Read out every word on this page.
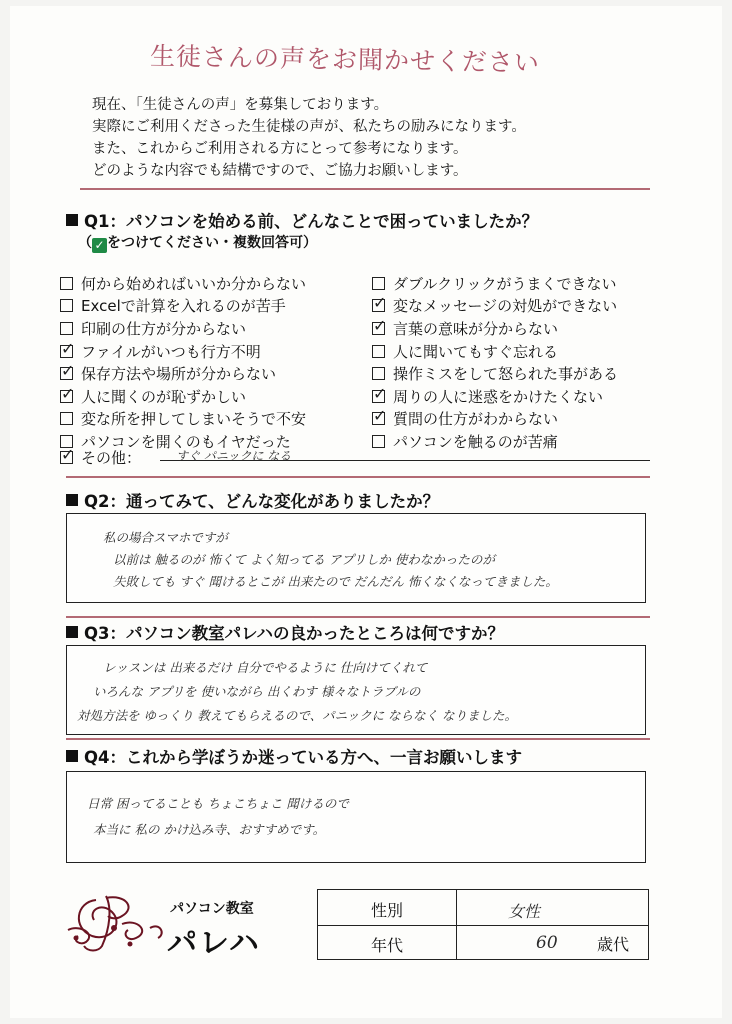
生徒さんの声をお聞かせください
現在、「生徒さんの声」を募集しております。
実際にご利用くださった生徒様の声が、私たちの励みになります。
また、これからご利用される方にとって参考になります。
どのような内容でも結構ですので、ご協力お願いします。
Q1：パソコンを始める前、どんなことで困っていましたか？
（ ✓ をつけてください・複数回答可）
何から始めればいいか分からない
Excelで計算を入れるのが苦手
印刷の仕方が分からない
✓
ファイルがいつも行方不明
✓
保存方法や場所が分からない
✓
人に聞くのが恥ずかしい
変な所を押してしまいそうで不安
パソコンを開くのもイヤだった
ダブルクリックがうまくできない
✓
変なメッセージの対処ができない
✓
言葉の意味が分からない
人に聞いてもすぐ忘れる
操作ミスをして怒られた事がある
✓
周りの人に迷惑をかけたくない
✓
質問の仕方がわからない
パソコンを触るのが苦痛
✓
その他：	すぐ パニックに なる
Q2：通ってみて、どんな変化がありましたか？
私の場合スマホですが
以前は 触るのが 怖くて よく知ってる アプリしか 使わなかったのが
失敗しても すぐ 聞けるとこが 出来たので だんだん 怖くなくなってきました。
Q3：パソコン教室パレハの良かったところは何ですか？
レッスンは 出来るだけ 自分でやるように 仕向けてくれて
いろんな アプリを 使いながら 出くわす 様々なトラブルの
対処方法を ゆっくり 教えてもらえるので、パニックに ならなく なりました。
Q4：これから学ぼうか迷っている方へ、一言お願いします
日常 困ってることも ちょこちょこ 聞けるので
本当に 私の かけ込み寺、おすすめです。
パソコン教室
パレハ
性別
年代
女性
60 歳代
